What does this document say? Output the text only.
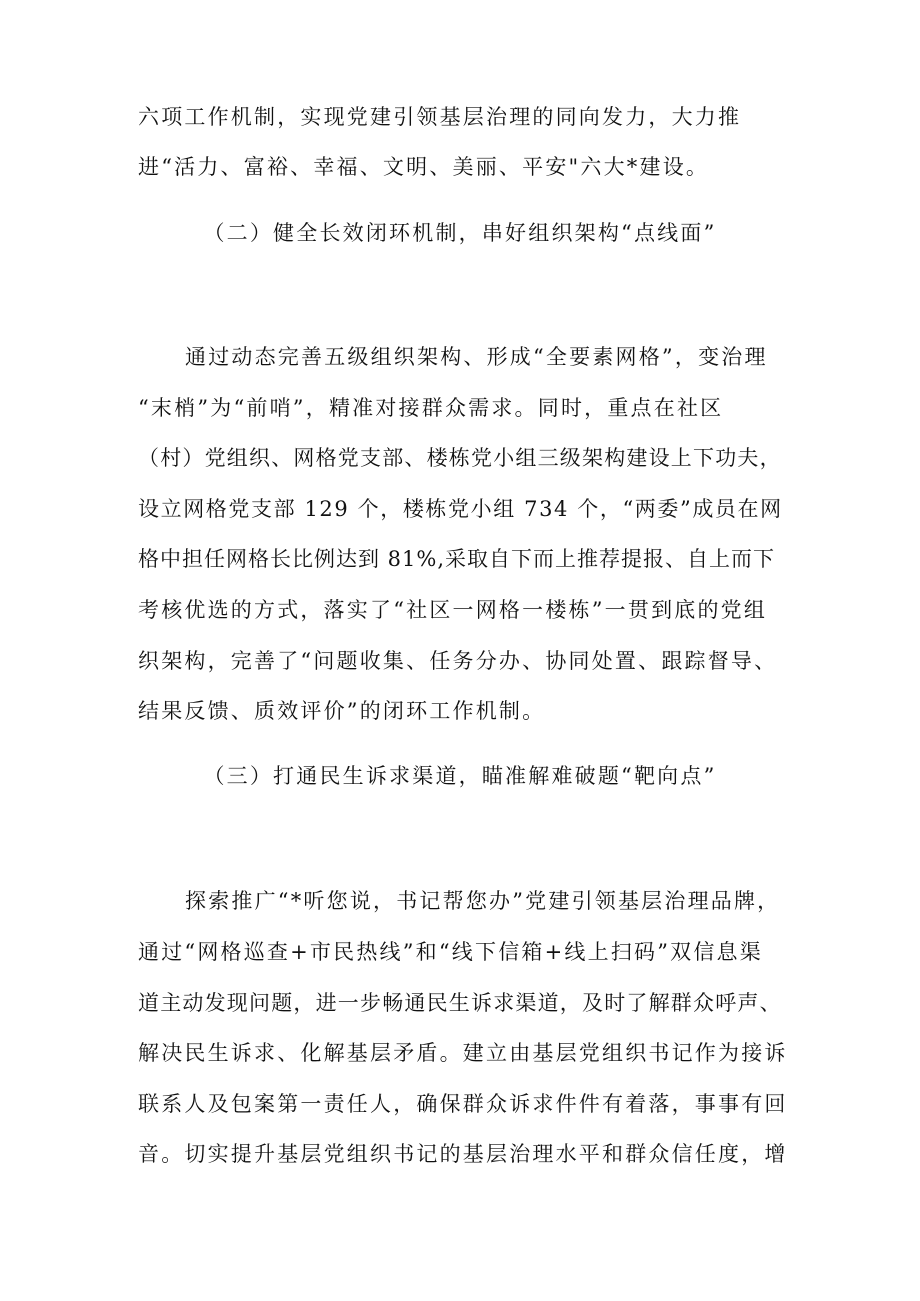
六项工作机制，实现党建引领基层治理的同向发力，大力推
进“活力、富裕、幸福、文明、美丽、平安"六大*建设。
（二）健全长效闭环机制，串好组织架构“点线面”
通过动态完善五级组织架构、形成“全要素网格”，变治理
“末梢”为“前哨”，精准对接群众需求。同时，重点在社区
（村）党组织、网格党支部、楼栋党小组三级架构建设上下功夫，
设立网格党支部 129 个，楼栋党小组 734 个，“两委”成员在网
格中担任网格长比例达到 81%,采取自下而上推荐提报、自上而下
考核优选的方式，落实了“社区一网格一楼栋”一贯到底的党组
织架构，完善了“问题收集、任务分办、协同处置、跟踪督导、
结果反馈、质效评价”的闭环工作机制。
（三）打通民生诉求渠道，瞄准解难破题“靶向点”
探索推广“*听您说，书记帮您办”党建引领基层治理品牌，
通过“网格巡查+市民热线”和“线下信箱+线上扫码”双信息渠
道主动发现问题，进一步畅通民生诉求渠道，及时了解群众呼声、
解决民生诉求、化解基层矛盾。建立由基层党组织书记作为接诉
联系人及包案第一责任人，确保群众诉求件件有着落，事事有回
音。切实提升基层党组织书记的基层治理水平和群众信任度，增
